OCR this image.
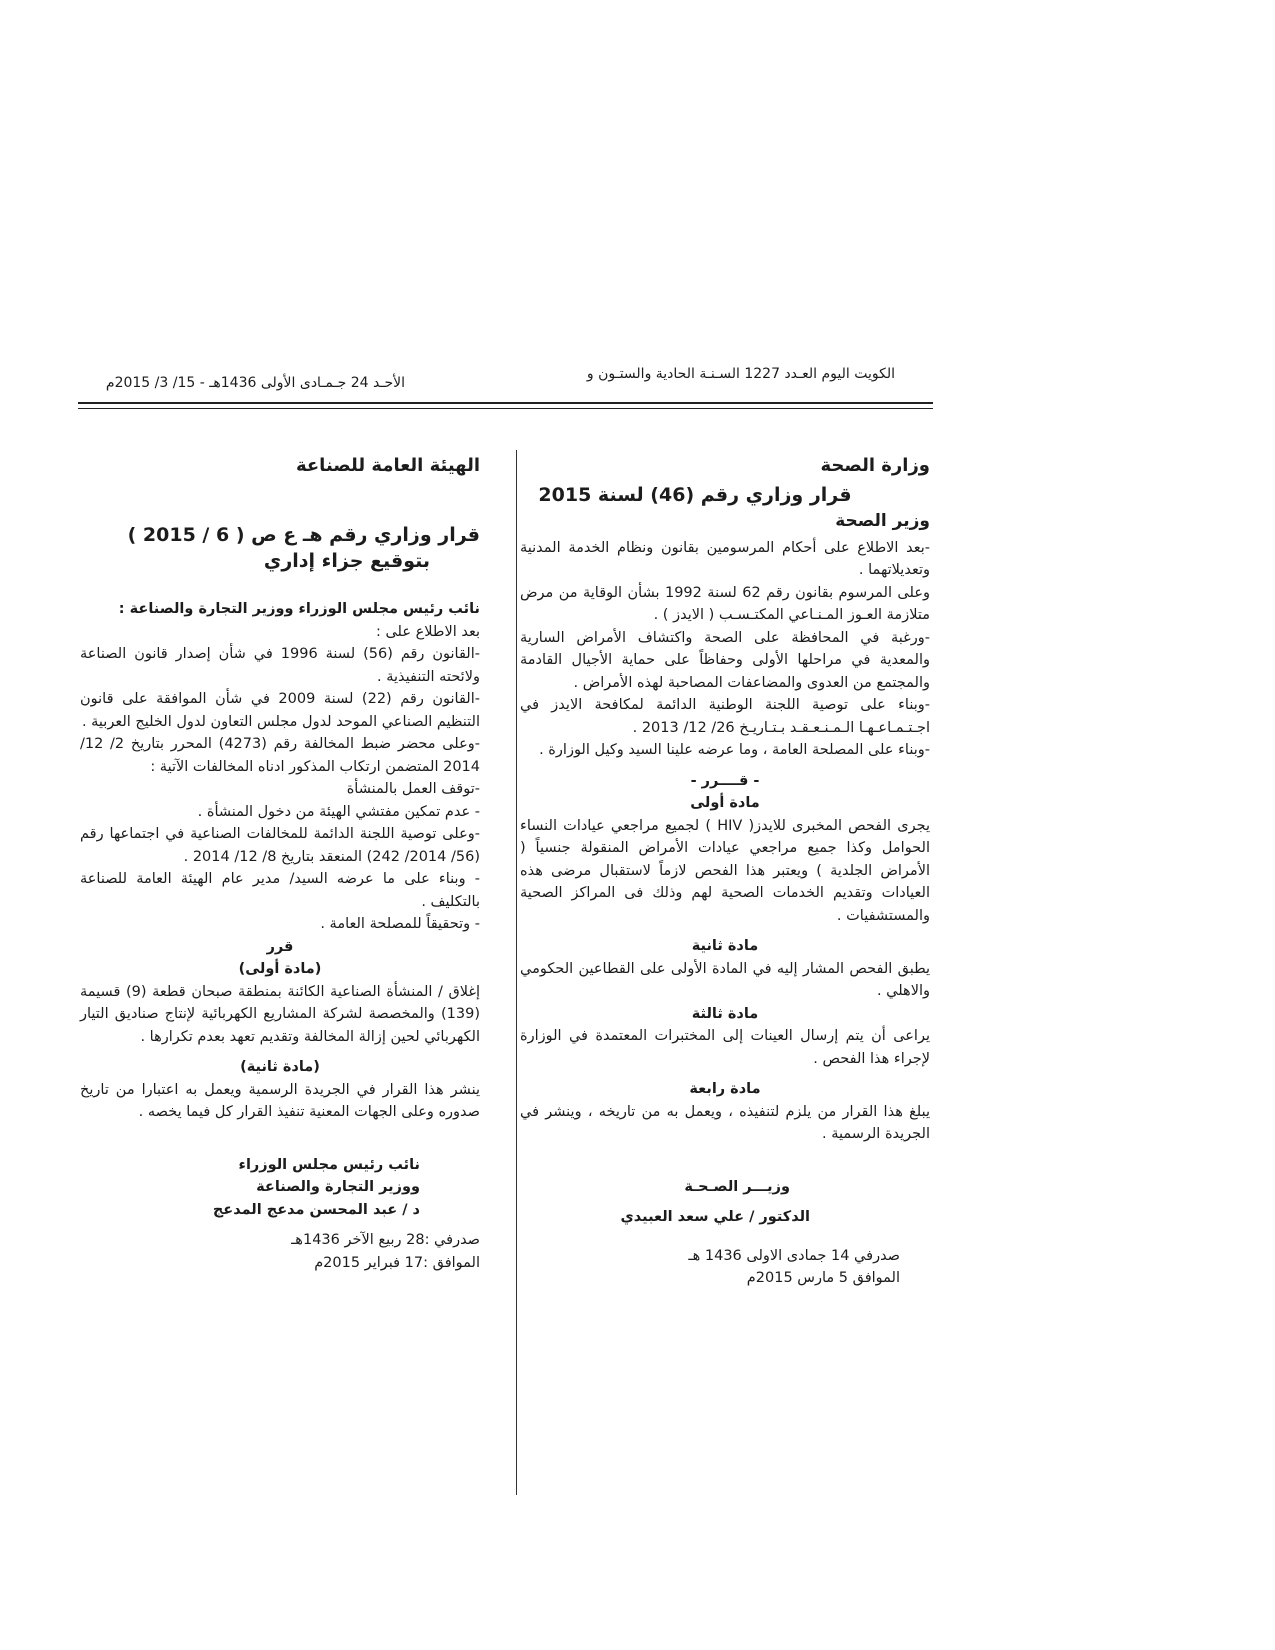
الكويت اليوم العـدد 1227 السـنـة الحادية والستـون و
الأحـد 24 جـمـادى الأولى 1436هـ - 15/ 3/ 2015م
وزارة الصحة
قرار وزاري رقم (46) لسنة 2015
وزير الصحة

-بعد الاطلاع على أحكام المرسومين بقانون ونظام الخدمة المدنية وتعديلاتهما .

وعلى المرسوم بقانون رقم 62 لسنة 1992 بشأن الوقاية من مرض متلازمة العـوز المـنـاعي المكتـسـب ( الايدز ) .

-ورغبة في المحافظة على الصحة واكتشاف الأمراض السارية والمعدية في مراحلها الأولى وحفاظاً على حماية الأجيال القادمة والمجتمع من العدوى والمضاعفات المصاحبة لهذه الأمراض .

-وبناء على توصية اللجنة الوطنية الدائمة لمكافحة الايدز في اجـتـمـاعـهـا الـمـنـعـقـد بـتـاريـخ 26/ 12/ 2013 .

-وبناء على المصلحة العامة ، وما عرضه علينا السيد وكيل الوزارة .

- قــــرر -

مادة أولى

يجرى الفحص المخبرى للايدز( HIV ) لجميع مراجعي عيادات النساء الحوامل وكذا جميع مراجعي عيادات الأمراض المنقولة جنسياً ( الأمراض الجلدية ) ويعتبر هذا الفحص لازماً لاستقبال مرضى هذه العيادات وتقديم الخدمات الصحية لهم وذلك فى المراكز الصحية والمستشفيات .

مادة ثانية

يطبق الفحص المشار إليه في المادة الأولى على القطاعين الحكومي والاهلي .

مادة ثالثة

يراعى أن يتم إرسال العينات إلى المختبرات المعتمدة في الوزارة لإجراء هذا الفحص .

مادة رابعة

يبلغ هذا القرار من يلزم لتنفيذه ، ويعمل به من تاريخه ، وينشر في الجريدة الرسمية .

وزيـــر الصـحـة

الدكتور / علي سعد العبيدي

صدرفي 14 جمادى الاولى 1436 هـ

الموافق 5 مارس 2015م

الهيئة العامة للصناعة
قرار وزاري رقم هـ ع ص ( 6 / 2015 )
بتوقيع جزاء إداري

نائب رئيس مجلس الوزراء ووزير التجارة والصناعة :

بعد الاطلاع على :

-القانون رقم (56) لسنة 1996 في شأن إصدار قانون الصناعة ولائحته التنفيذية .

-القانون رقم (22) لسنة 2009 في شأن الموافقة على قانون التنظيم الصناعي الموحد لدول مجلس التعاون لدول الخليج العربية .

-وعلى محضر ضبط المخالفة رقم (4273) المحرر بتاريخ 2/ 12/ 2014 المتضمن ارتكاب المذكور ادناه المخالفات الآتية :

-توقف العمل بالمنشأة

- عدم تمكين مفتشي الهيئة من دخول المنشأة .

-وعلى توصية اللجنة الدائمة للمخالفات الصناعية في اجتماعها رقم (56/ 2014/ 242) المنعقد بتاريخ 8/ 12/ 2014 .

- وبناء على ما عرضه السيد/ مدير عام الهيئة العامة للصناعة بالتكليف .

- وتحقيقاً للمصلحة العامة .

قرر

(مادة أولى)

إغلاق / المنشأة الصناعية الكائنة بمنطقة صبحان قطعة (9) قسيمة (139) والمخصصة لشركة المشاريع الكهربائية لإنتاج صناديق التيار الكهربائي لحين إزالة المخالفة وتقديم تعهد بعدم تكرارها .

(مادة ثانية)

ينشر هذا القرار في الجريدة الرسمية ويعمل به اعتبارا من تاريخ صدوره وعلى الجهات المعنية تنفيذ القرار كل فيما يخصه .

نائب رئيس مجلس الوزراء

ووزير التجارة والصناعة

د / عبد المحسن مدعج المدعج

صدرفي :28 ربيع الآخر 1436هـ

الموافق :17 فبراير 2015م
